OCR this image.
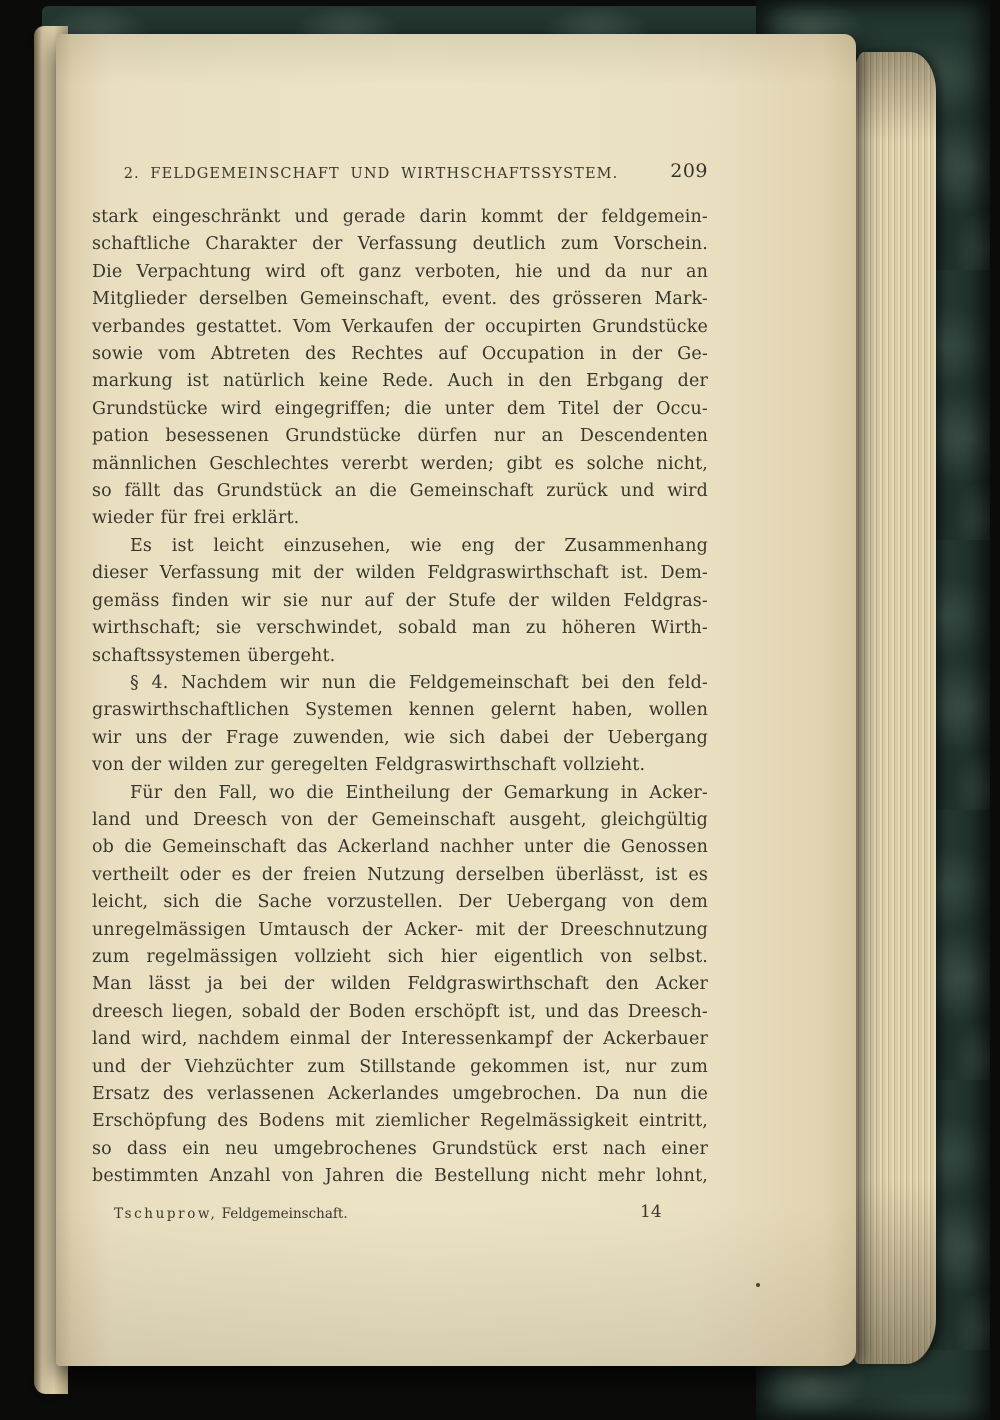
2. FELDGEMEINSCHAFT UND WIRTHSCHAFTSSYSTEM.	209
stark eingeschränkt und gerade darin kommt der feldgemein-
schaftliche Charakter der Verfassung deutlich zum Vorschein.
Die Verpachtung wird oft ganz verboten, hie und da nur an
Mitglieder derselben Gemeinschaft, event. des grösseren Mark-
verbandes gestattet. Vom Verkaufen der occupirten Grundstücke
sowie vom Abtreten des Rechtes auf Occupation in der Ge-
markung ist natürlich keine Rede. Auch in den Erbgang der
Grundstücke wird eingegriffen; die unter dem Titel der Occu-
pation besessenen Grundstücke dürfen nur an Descendenten
männlichen Geschlechtes vererbt werden; gibt es solche nicht,
so fällt das Grundstück an die Gemeinschaft zurück und wird
wieder für frei erklärt.
Es ist leicht einzusehen, wie eng der Zusammenhang
dieser Verfassung mit der wilden Feldgraswirthschaft ist. Dem-
gemäss finden wir sie nur auf der Stufe der wilden Feldgras-
wirthschaft; sie verschwindet, sobald man zu höheren Wirth-
schaftssystemen übergeht.
§ 4. Nachdem wir nun die Feldgemeinschaft bei den feld-
graswirthschaftlichen Systemen kennen gelernt haben, wollen
wir uns der Frage zuwenden, wie sich dabei der Uebergang
von der wilden zur geregelten Feldgraswirthschaft vollzieht.
Für den Fall, wo die Eintheilung der Gemarkung in Acker-
land und Dreesch von der Gemeinschaft ausgeht, gleichgültig
ob die Gemeinschaft das Ackerland nachher unter die Genossen
vertheilt oder es der freien Nutzung derselben überlässt, ist es
leicht, sich die Sache vorzustellen. Der Uebergang von dem
unregelmässigen Umtausch der Acker- mit der Dreeschnutzung
zum regelmässigen vollzieht sich hier eigentlich von selbst.
Man lässt ja bei der wilden Feldgraswirthschaft den Acker
dreesch liegen, sobald der Boden erschöpft ist, und das Dreesch-
land wird, nachdem einmal der Interessenkampf der Ackerbauer
und der Viehzüchter zum Stillstande gekommen ist, nur zum
Ersatz des verlassenen Ackerlandes umgebrochen. Da nun die
Erschöpfung des Bodens mit ziemlicher Regelmässigkeit eintritt,
so dass ein neu umgebrochenes Grundstück erst nach einer
bestimmten Anzahl von Jahren die Bestellung nicht mehr lohnt,
Tschuprow, Feldgemeinschaft.	14
